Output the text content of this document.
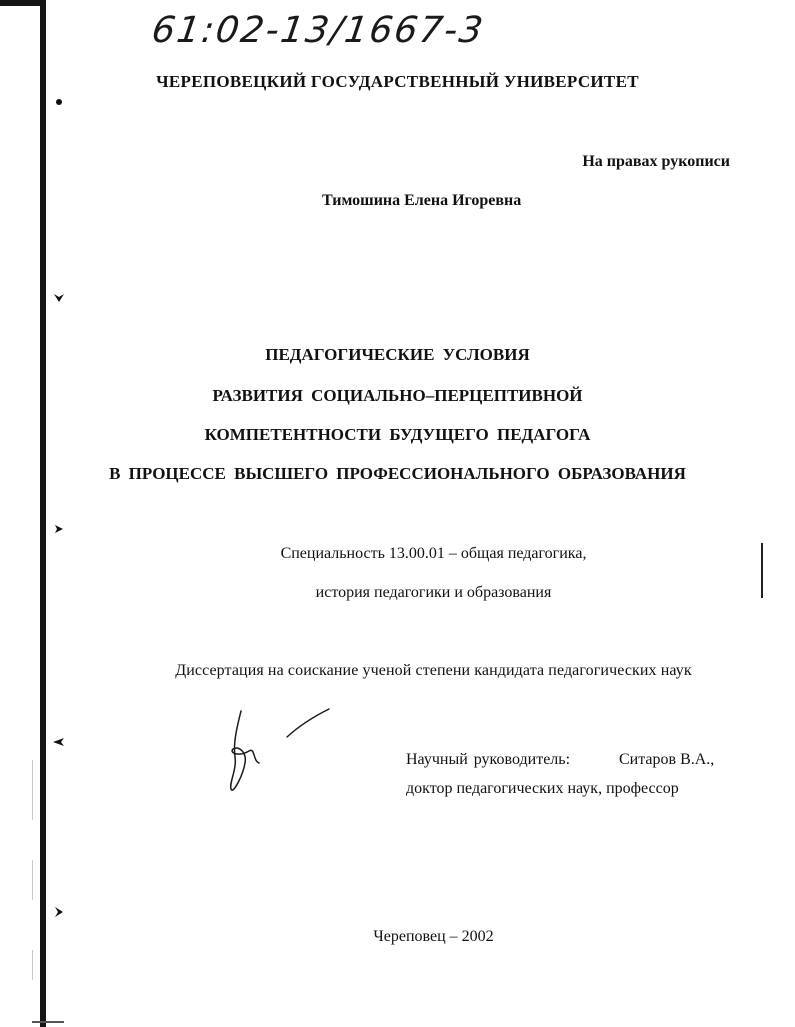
61:02-13/1667-3
ЧЕРЕПОВЕЦКИЙ ГОСУДАРСТВЕННЫЙ УНИВЕРСИТЕТ
На правах рукописи
Тимошина Елена Игоревна
ПЕДАГОГИЧЕСКИЕ УСЛОВИЯ
РАЗВИТИЯ СОЦИАЛЬНО–ПЕРЦЕПТИВНОЙ
КОМПЕТЕНТНОСТИ БУДУЩЕГО ПЕДАГОГА
В ПРОЦЕССЕ ВЫСШЕГО ПРОФЕССИОНАЛЬНОГО ОБРАЗОВАНИЯ
Специальность 13.00.01 – общая педагогика,
история педагогики и образования
Диссертация на соискание ученой степени кандидата педагогических наук
Научный руководитель:	Ситаров В.А.,
доктор педагогических наук, профессор
Череповец – 2002
